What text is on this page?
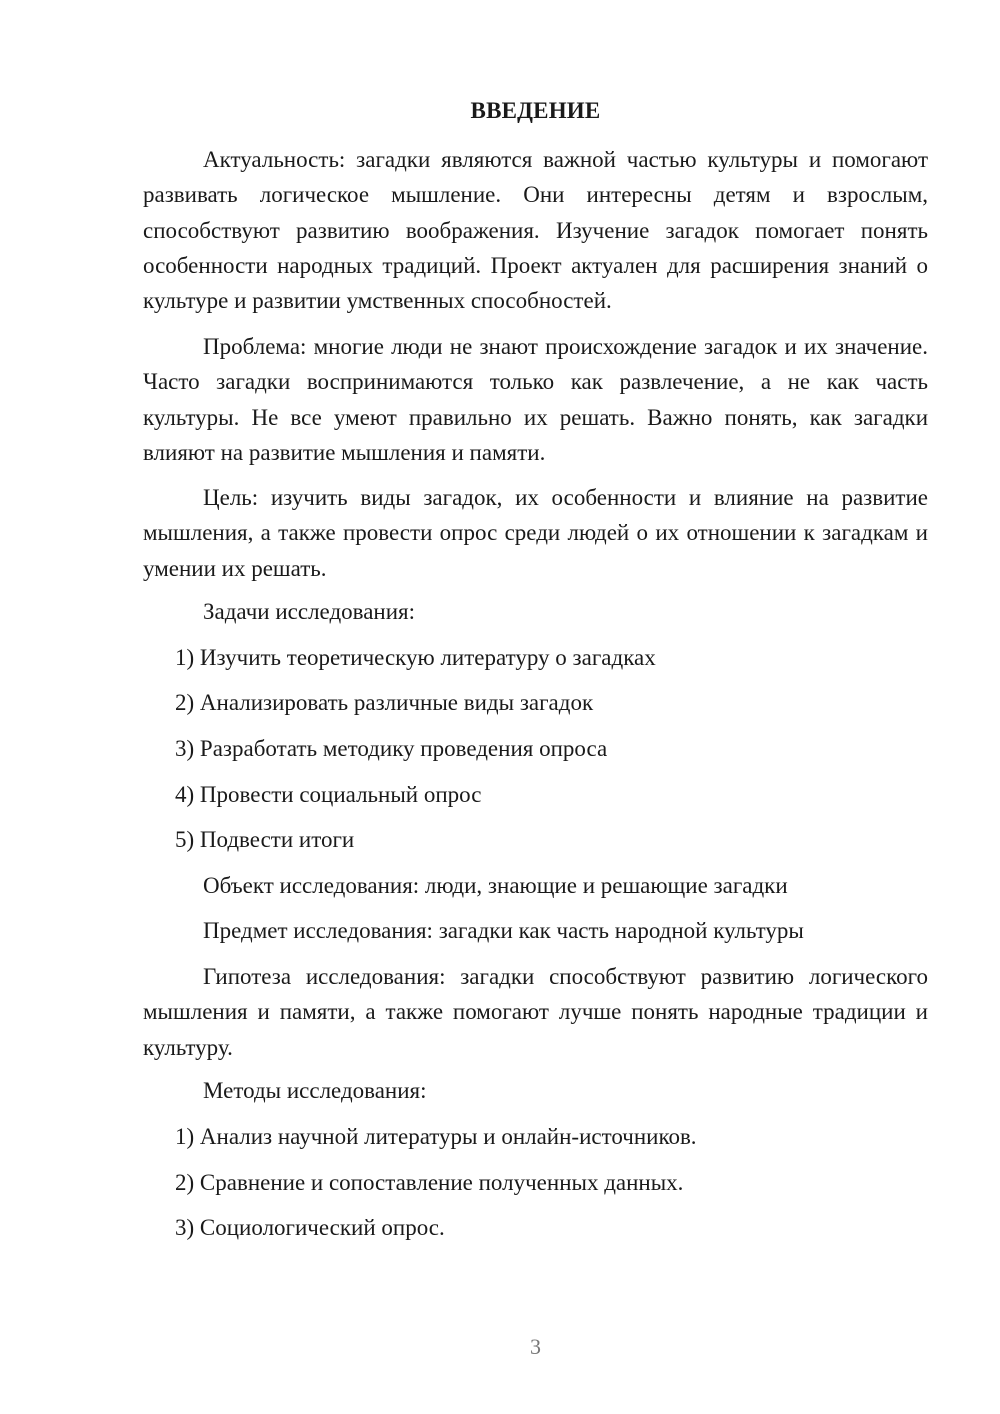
ВВЕДЕНИЕ

Актуальность: загадки являются важной частью культуры и помогают развивать логическое мышление. Они интересны детям и взрослым, способствуют развитию воображения. Изучение загадок помогает понять особенности народных традиций. Проект актуален для расширения знаний о культуре и развитии умственных способностей.

Проблема: многие люди не знают происхождение загадок и их значение. Часто загадки воспринимаются только как развлечение, а не как часть культуры. Не все умеют правильно их решать. Важно понять, как загадки влияют на развитие мышления и памяти.

Цель: изучить виды загадок, их особенности и влияние на развитие мышления, а также провести опрос среди людей о их отношении к загадкам и умении их решать.

Задачи исследования:
1) Изучить теоретическую литературу о загадках
2) Анализировать различные виды загадок
3) Разработать методику проведения опроса
4) Провести социальный опрос
5) Подвести итоги
Объект исследования: люди, знающие и решающие загадки
Предмет исследования: загадки как часть народной культуры

Гипотеза исследования: загадки способствуют развитию логического мышления и памяти, а также помогают лучше понять народные традиции и культуру.

Методы исследования:
1) Анализ научной литературы и онлайн-источников.
2) Сравнение и сопоставление полученных данных.
3) Социологический опрос.
3
